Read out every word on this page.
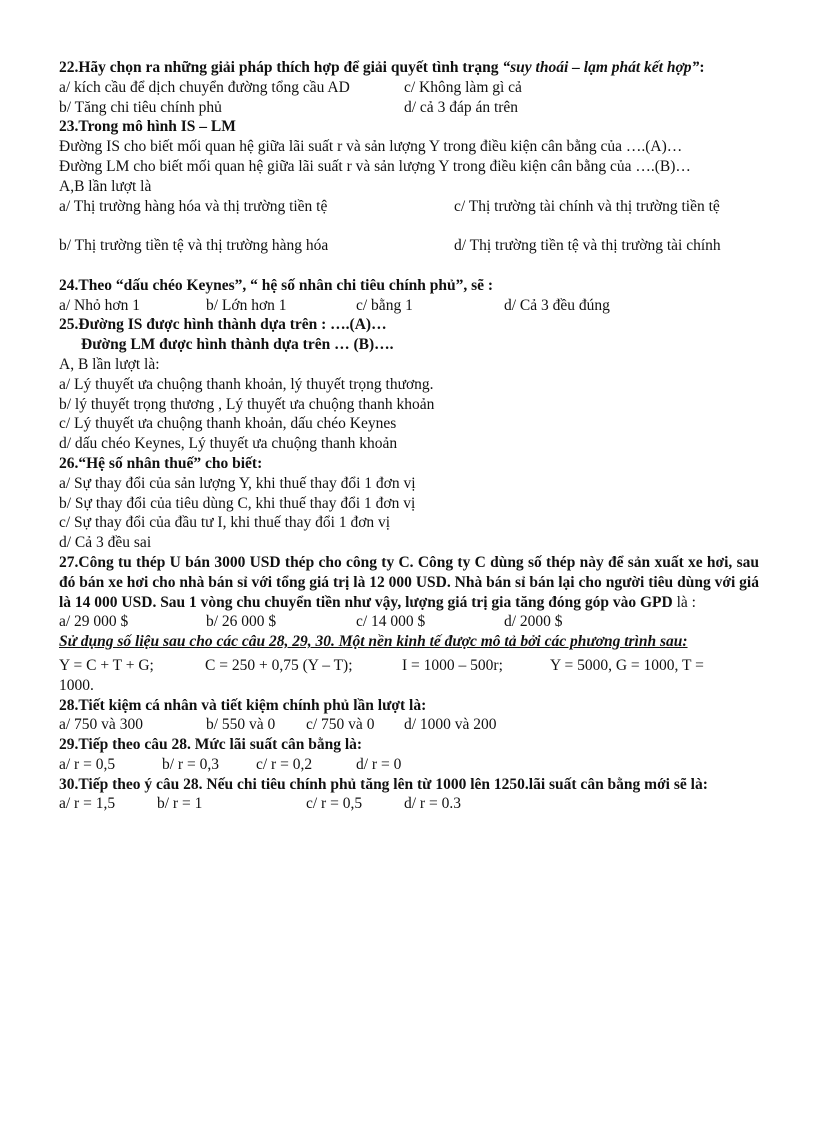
22.Hãy chọn ra những giải pháp thích hợp để giải quyết tình trạng “suy thoái – lạm phát kết hợp”:
a/ kích cầu để dịch chuyển đường tổng cầu AD	c/ Không làm gì cả
b/ Tăng chi tiêu chính phủ	d/ cả 3 đáp án trên
23.Trong mô hình IS – LM
Đường IS cho biết mối quan hệ giữa lãi suất r và sản lượng Y trong điều kiện cân bằng của ….(A)…
Đường LM cho biết mối quan hệ giữa lãi suất r và sản lượng Y trong điều kiện cân bằng của ….(B)…
A,B lần lượt là
a/ Thị trường hàng hóa và thị trường tiền tệ	c/ Thị trường tài chính và thị trường tiền tệ
b/ Thị trường tiền tệ và thị trường hàng hóa	d/ Thị trường tiền tệ và thị trường tài chính
24.Theo “dấu chéo Keynes”, “ hệ số nhân chi tiêu chính phủ”, sẽ :
a/ Nhỏ hơn 1	b/ Lớn hơn 1	c/ bằng 1	d/ Cả 3 đều đúng
25.Đường IS được hình thành dựa trên : ….(A)…
Đường LM được hình thành dựa trên … (B)….
A, B lần lượt là:
a/ Lý thuyết ưa chuộng thanh khoản, lý thuyết trọng thương.
b/ lý thuyết trọng thương , Lý thuyết ưa chuộng thanh khoản
c/ Lý thuyết ưa chuộng thanh khoản, dấu chéo Keynes
d/ dấu chéo Keynes, Lý thuyết ưa chuộng thanh khoản
26.“Hệ số nhân thuế” cho biết:
a/ Sự thay đổi của sản lượng Y, khi thuế thay đổi 1 đơn vị
b/ Sự thay đổi của tiêu dùng C, khi thuế thay đổi 1 đơn vị
c/ Sự thay đổi của đầu tư I, khi thuế thay đổi 1 đơn vị
d/ Cả 3 đều sai
27.Công tu thép U bán 3000 USD thép cho công ty C. Công ty C dùng số thép này để sản xuất xe hơi, sau đó bán xe hơi cho nhà bán sỉ với tổng giá trị là 12 000 USD. Nhà bán sỉ bán lại cho người tiêu dùng với giá là 14 000 USD. Sau 1 vòng chu chuyển tiền như vậy, lượng giá trị gia tăng đóng góp vào GPD là :
a/ 29 000 $	b/ 26 000 $	c/ 14 000 $	d/ 2000 $
Sử dụng số liệu sau cho các câu 28, 29, 30. Một nền kinh tế được mô tả bởi các phương trình sau:
Y = C + T + G;	C = 250 + 0,75 (Y – T);	I = 1000 – 500r;	Y = 5000, G = 1000, T =
1000.
28.Tiết kiệm cá nhân và tiết kiệm chính phủ lần lượt là:
a/ 750 và 300	b/ 550 và 0 c/ 750 và 0 d/ 1000 và 200
29.Tiếp theo câu 28. Mức lãi suất cân bằng là:
a/ r = 0,5	b/ r = 0,3 c/ r = 0,2	d/ r = 0
30.Tiếp theo ý câu 28. Nếu chi tiêu chính phủ tăng lên từ 1000 lên 1250.lãi suất cân bằng mới sẽ là:
a/ r = 1,5	b/ r = 1	c/ r = 0,5	d/ r = 0.3
